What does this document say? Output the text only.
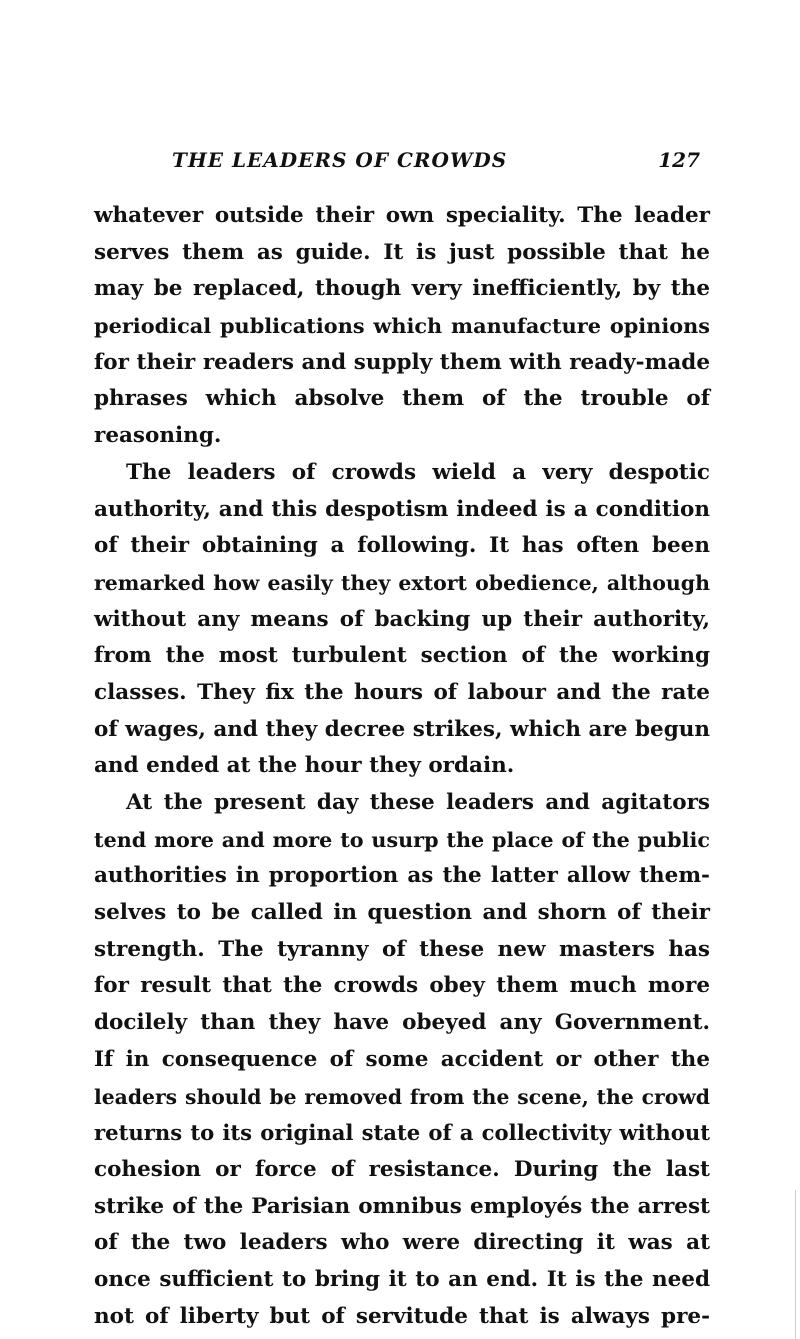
THE LEADERS OF CROWDS	127
whatever outside their own speciality. The leader
serves them as guide. It is just possible that he
may be replaced, though very inefficiently, by the
periodical publications which manufacture opinions
for their readers and supply them with ready-made
phrases which absolve them of the trouble of
reasoning.
The leaders of crowds wield a very despotic
authority, and this despotism indeed is a condition
of their obtaining a following. It has often been
remarked how easily they extort obedience, although
without any means of backing up their authority,
from the most turbulent section of the working
classes. They fix the hours of labour and the rate
of wages, and they decree strikes, which are begun
and ended at the hour they ordain.
At the present day these leaders and agitators
tend more and more to usurp the place of the public
authorities in proportion as the latter allow them-
selves to be called in question and shorn of their
strength. The tyranny of these new masters has
for result that the crowds obey them much more
docilely than they have obeyed any Government.
If in consequence of some accident or other the
leaders should be removed from the scene, the crowd
returns to its original state of a collectivity without
cohesion or force of resistance. During the last
strike of the Parisian omnibus employés the arrest
of the two leaders who were directing it was at
once sufficient to bring it to an end. It is the need
not of liberty but of servitude that is always pre-
